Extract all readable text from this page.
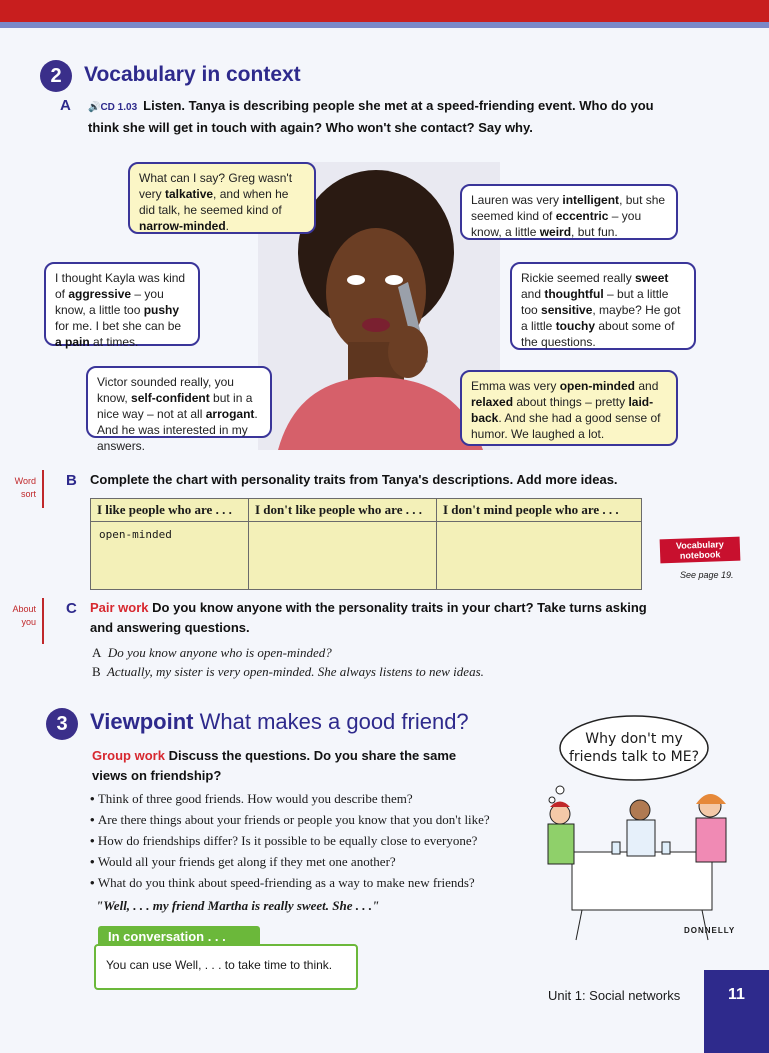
2	Vocabulary in context
A 🔊CD 1.03 Listen. Tanya is describing people she met at a speed-friending event. Who do you
think she will get in touch with again? Who won't she contact? Say why.
What can I say? Greg wasn't very talkative, and when he did talk, he seemed kind of narrow-minded.
I thought Kayla was kind of aggressive – you know, a little too pushy for me. I bet she can be a pain at times.
Victor sounded really, you know, self-confident but in a nice way – not at all arrogant. And he was interested in my answers.
Lauren was very intelligent, but she seemed kind of eccentric – you know, a little weird, but fun.
Rickie seemed really sweet and thoughtful – but a little too sensitive, maybe? He got a little touchy about some of the questions.
Emma was very open-minded and relaxed about things – pretty laid-back. And she had a good sense of humor. We laughed a lot.
Word sort
B Complete the chart with personality traits from Tanya's descriptions. Add more ideas.
I like people who are . . .	I don't like people who are . . .	I don't mind people who are . . .
open-minded		
Vocabulary notebook
See page 19.
About you
C Pair work Do you know anyone with the personality traits in your chart? Take turns asking
and answering questions.
A Do you know anyone who is open-minded?
B Actually, my sister is very open-minded. She always listens to new ideas.
3	Viewpoint What makes a good friend?
Group work Discuss the questions. Do you share the same
views on friendship?
• Think of three good friends. How would you describe them?
• Are there things about your friends or people you know that you don't like?
• How do friendships differ? Is it possible to be equally close to everyone?
• Would all your friends get along if they met one another?
• What do you think about speed-friending as a way to make new friends?
"Well, . . . my friend Martha is really sweet. She . . ."
Why don't my
friends talk to ME?
DONNELLY
In conversation . . .
You can use Well, . . . to take time to think.
Unit 1: Social networks	11
